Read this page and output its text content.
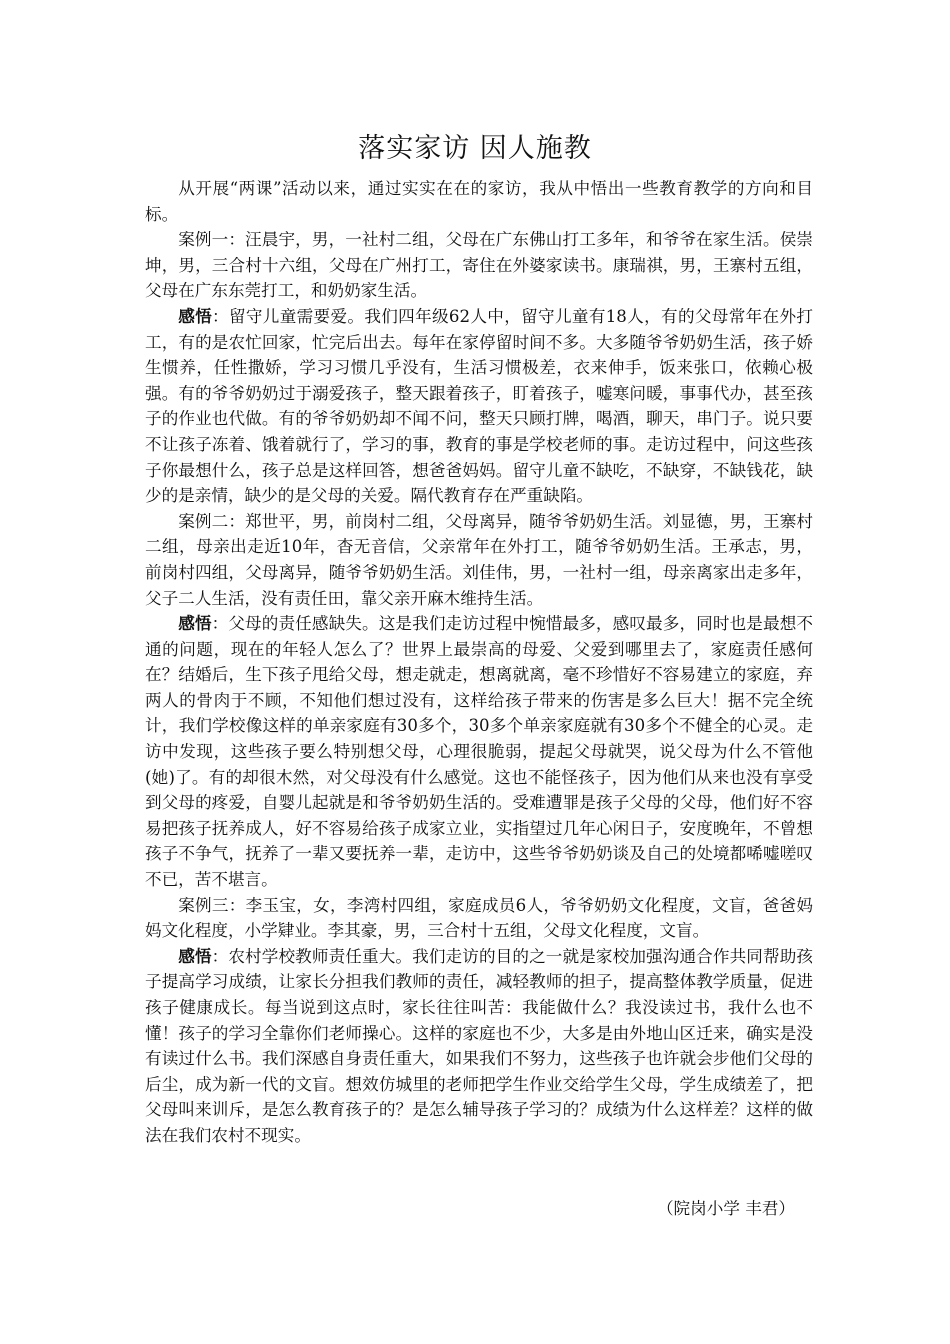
落实家访 因人施教

从开展“两课”活动以来，通过实实在在的家访，我从中悟出一些教育教学的方向和目标。

案例一：汪晨宇，男，一社村二组，父母在广东佛山打工多年，和爷爷在家生活。侯崇坤，男，三合村十六组，父母在广州打工，寄住在外婆家读书。康瑞祺，男，王寨村五组，父母在广东东莞打工，和奶奶家生活。

感悟：留守儿童需要爱。我们四年级62人中，留守儿童有18人，有的父母常年在外打工，有的是农忙回家，忙完后出去。每年在家停留时间不多。大多随爷爷奶奶生活，孩子娇生惯养，任性撒娇，学习习惯几乎没有，生活习惯极差，衣来伸手，饭来张口，依赖心极强。有的爷爷奶奶过于溺爱孩子，整天跟着孩子，盯着孩子，嘘寒问暖，事事代办，甚至孩子的作业也代做。有的爷爷奶奶却不闻不问，整天只顾打牌，喝酒，聊天，串门子。说只要不让孩子冻着、饿着就行了，学习的事，教育的事是学校老师的事。走访过程中，问这些孩子你最想什么，孩子总是这样回答，想爸爸妈妈。留守儿童不缺吃，不缺穿，不缺钱花，缺少的是亲情，缺少的是父母的关爱。隔代教育存在严重缺陷。

案例二：郑世平，男，前岗村二组，父母离异，随爷爷奶奶生活。刘显德，男，王寨村二组，母亲出走近10年，杳无音信，父亲常年在外打工，随爷爷奶奶生活。王承志，男，前岗村四组，父母离异，随爷爷奶奶生活。刘佳伟，男，一社村一组，母亲离家出走多年，父子二人生活，没有责任田，靠父亲开麻木维持生活。

感悟：父母的责任感缺失。这是我们走访过程中惋惜最多，感叹最多，同时也是最想不通的问题，现在的年轻人怎么了？世界上最崇高的母爱、父爱到哪里去了，家庭责任感何在？结婚后，生下孩子甩给父母，想走就走，想离就离，毫不珍惜好不容易建立的家庭，弃两人的骨肉于不顾，不知他们想过没有，这样给孩子带来的伤害是多么巨大！据不完全统计，我们学校像这样的单亲家庭有30多个，30多个单亲家庭就有30多个不健全的心灵。走访中发现，这些孩子要么特别想父母，心理很脆弱，提起父母就哭，说父母为什么不管他(她)了。有的却很木然，对父母没有什么感觉。这也不能怪孩子，因为他们从来也没有享受到父母的疼爱，自婴儿起就是和爷爷奶奶生活的。受难遭罪是孩子父母的父母，他们好不容易把孩子抚养成人，好不容易给孩子成家立业，实指望过几年心闲日子，安度晚年，不曾想孩子不争气，抚养了一辈又要抚养一辈，走访中，这些爷爷奶奶谈及自己的处境都唏嘘嗟叹不已，苦不堪言。

案例三：李玉宝，女，李湾村四组，家庭成员6人，爷爷奶奶文化程度，文盲，爸爸妈妈文化程度，小学肄业。李其豪，男，三合村十五组，父母文化程度，文盲。

感悟：农村学校教师责任重大。我们走访的目的之一就是家校加强沟通合作共同帮助孩子提高学习成绩，让家长分担我们教师的责任，减轻教师的担子，提高整体教学质量，促进孩子健康成长。每当说到这点时，家长往往叫苦：我能做什么？我没读过书，我什么也不懂！孩子的学习全靠你们老师操心。这样的家庭也不少，大多是由外地山区迁来，确实是没有读过什么书。我们深感自身责任重大，如果我们不努力，这些孩子也许就会步他们父母的后尘，成为新一代的文盲。想效仿城里的老师把学生作业交给学生父母，学生成绩差了，把父母叫来训斥，是怎么教育孩子的？是怎么辅导孩子学习的？成绩为什么这样差？这样的做法在我们农村不现实。

（院岗小学 丰君）
